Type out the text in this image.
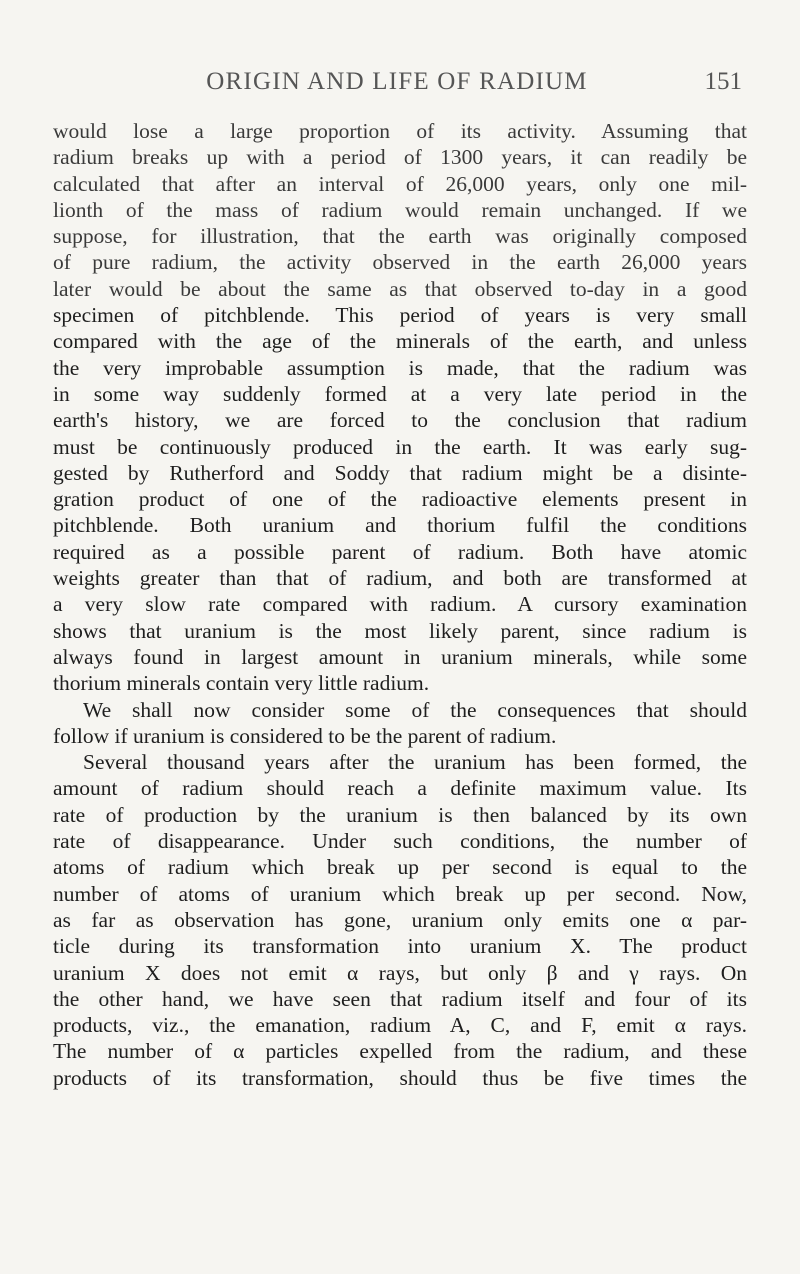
ORIGIN AND LIFE OF RADIUM	151
would lose a large proportion of its activity. Assuming that
radium breaks up with a period of 1300 years, it can readily be
calculated that after an interval of 26,000 years, only one mil-
lionth of the mass of radium would remain unchanged. If we
suppose, for illustration, that the earth was originally composed
of pure radium, the activity observed in the earth 26,000 years
later would be about the same as that observed to-day in a good
specimen of pitchblende. This period of years is very small
compared with the age of the minerals of the earth, and unless
the very improbable assumption is made, that the radium was
in some way suddenly formed at a very late period in the
earth's history, we are forced to the conclusion that radium
must be continuously produced in the earth. It was early sug-
gested by Rutherford and Soddy that radium might be a disinte-
gration product of one of the radioactive elements present in
pitchblende. Both uranium and thorium fulfil the conditions
required as a possible parent of radium. Both have atomic
weights greater than that of radium, and both are transformed at
a very slow rate compared with radium. A cursory examination
shows that uranium is the most likely parent, since radium is
always found in largest amount in uranium minerals, while some
thorium minerals contain very little radium.
We shall now consider some of the consequences that should
follow if uranium is considered to be the parent of radium.
Several thousand years after the uranium has been formed, the
amount of radium should reach a definite maximum value. Its
rate of production by the uranium is then balanced by its own
rate of disappearance. Under such conditions, the number of
atoms of radium which break up per second is equal to the
number of atoms of uranium which break up per second. Now,
as far as observation has gone, uranium only emits one α par-
ticle during its transformation into uranium X. The product
uranium X does not emit α rays, but only β and γ rays. On
the other hand, we have seen that radium itself and four of its
products, viz., the emanation, radium A, C, and F, emit α rays.
The number of α particles expelled from the radium, and these
products of its transformation, should thus be five times the
